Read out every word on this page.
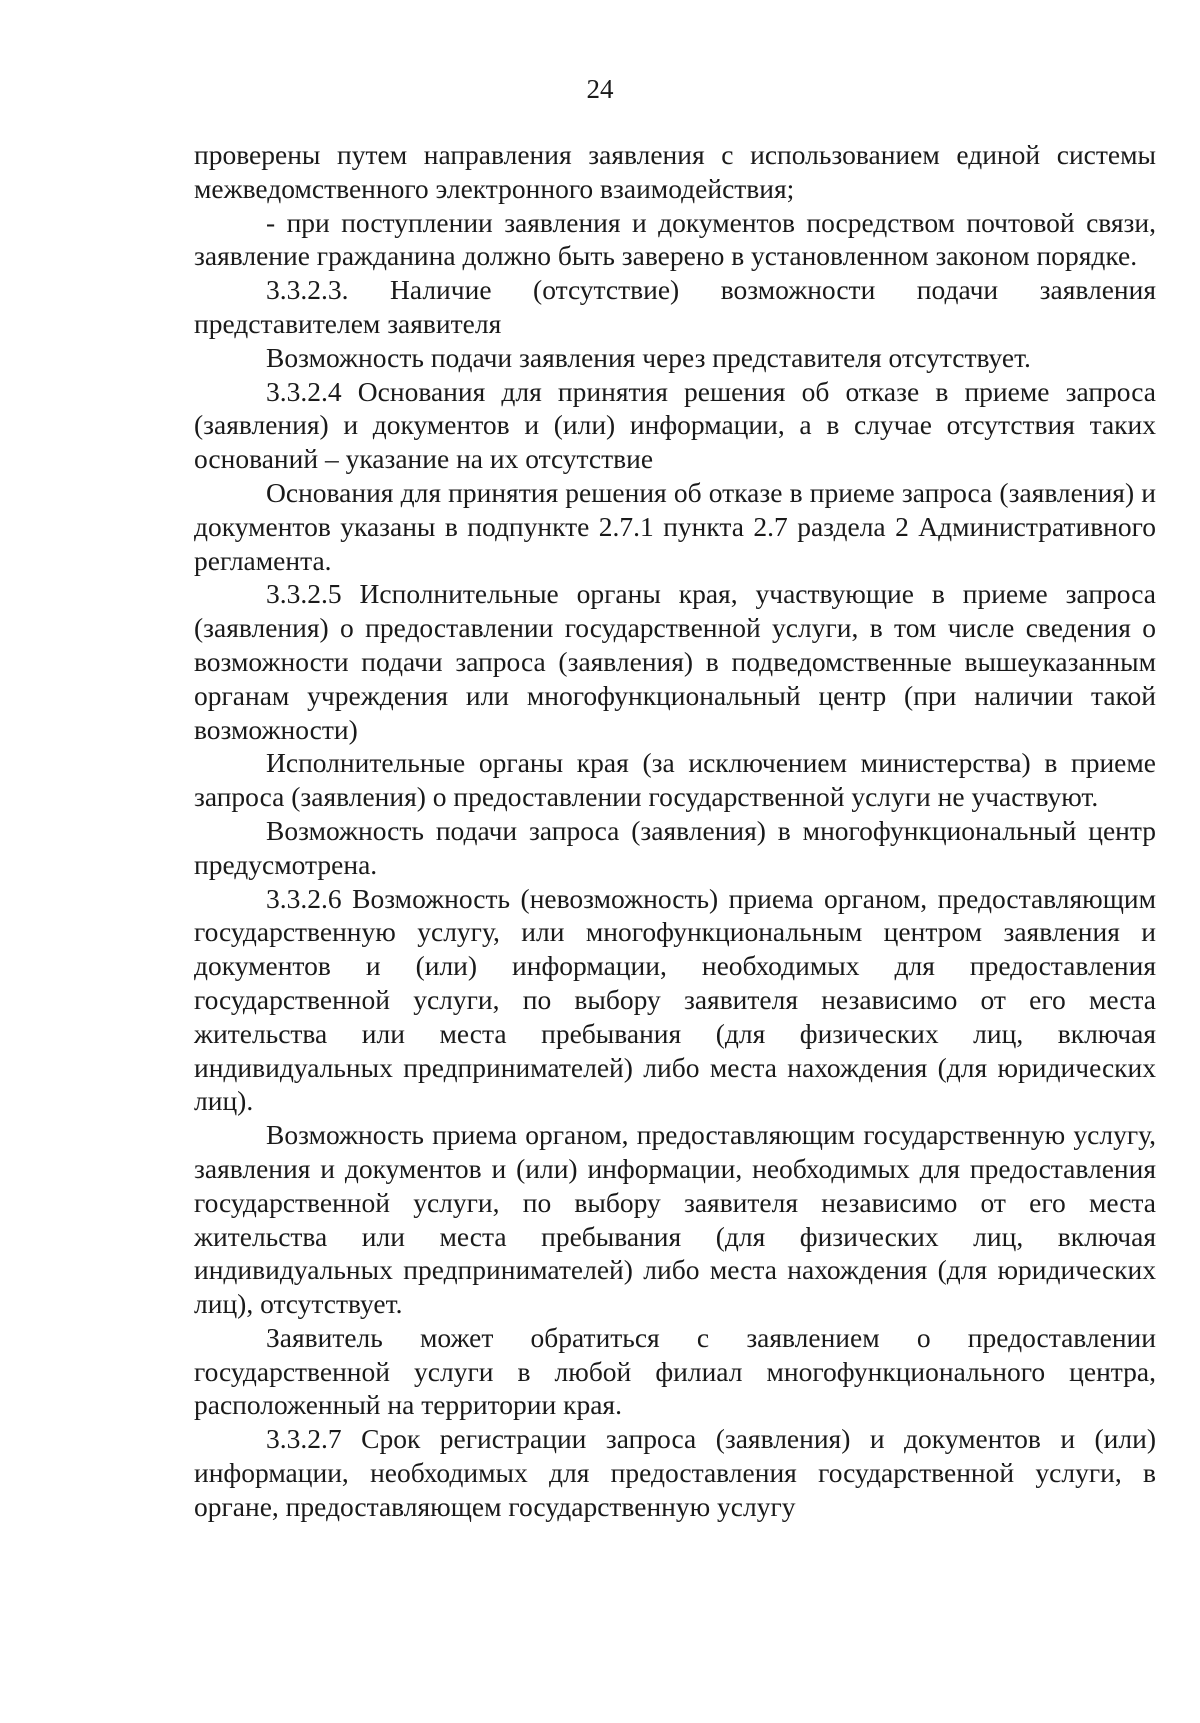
24

проверены путем направления заявления с использованием единой системы межведомственного электронного взаимодействия;

- при поступлении заявления и документов посредством почтовой связи, заявление гражданина должно быть заверено в установленном законом порядке.

3.3.2.3. Наличие (отсутствие) возможности подачи заявления представителем заявителя

Возможность подачи заявления через представителя отсутствует.

3.3.2.4 Основания для принятия решения об отказе в приеме запроса (заявления) и документов и (или) информации, а в случае отсутствия таких оснований – указание на их отсутствие

Основания для принятия решения об отказе в приеме запроса (заявления) и документов указаны в подпункте 2.7.1 пункта 2.7 раздела 2 Административного регламента.

3.3.2.5 Исполнительные органы края, участвующие в приеме запроса (заявления) о предоставлении государственной услуги, в том числе сведения о возможности подачи запроса (заявления) в подведомственные вышеуказанным органам учреждения или многофункциональный центр (при наличии такой возможности)

Исполнительные органы края (за исключением министерства) в приеме запроса (заявления) о предоставлении государственной услуги не участвуют.

Возможность подачи запроса (заявления) в многофункциональный центр предусмотрена.

3.3.2.6 Возможность (невозможность) приема органом, предоставляющим государственную услугу, или многофункциональным центром заявления и документов и (или) информации, необходимых для предоставления государственной услуги, по выбору заявителя независимо от его места жительства или места пребывания (для физических лиц, включая индивидуальных предпринимателей) либо места нахождения (для юридических лиц).

Возможность приема органом, предоставляющим государственную услугу, заявления и документов и (или) информации, необходимых для предоставления государственной услуги, по выбору заявителя независимо от его места жительства или места пребывания (для физических лиц, включая индивидуальных предпринимателей) либо места нахождения (для юридических лиц), отсутствует.

Заявитель может обратиться с заявлением о предоставлении государственной услуги в любой филиал многофункционального центра, расположенный на территории края.

3.3.2.7 Срок регистрации запроса (заявления) и документов и (или) информации, необходимых для предоставления государственной услуги, в органе, предоставляющем государственную услугу
